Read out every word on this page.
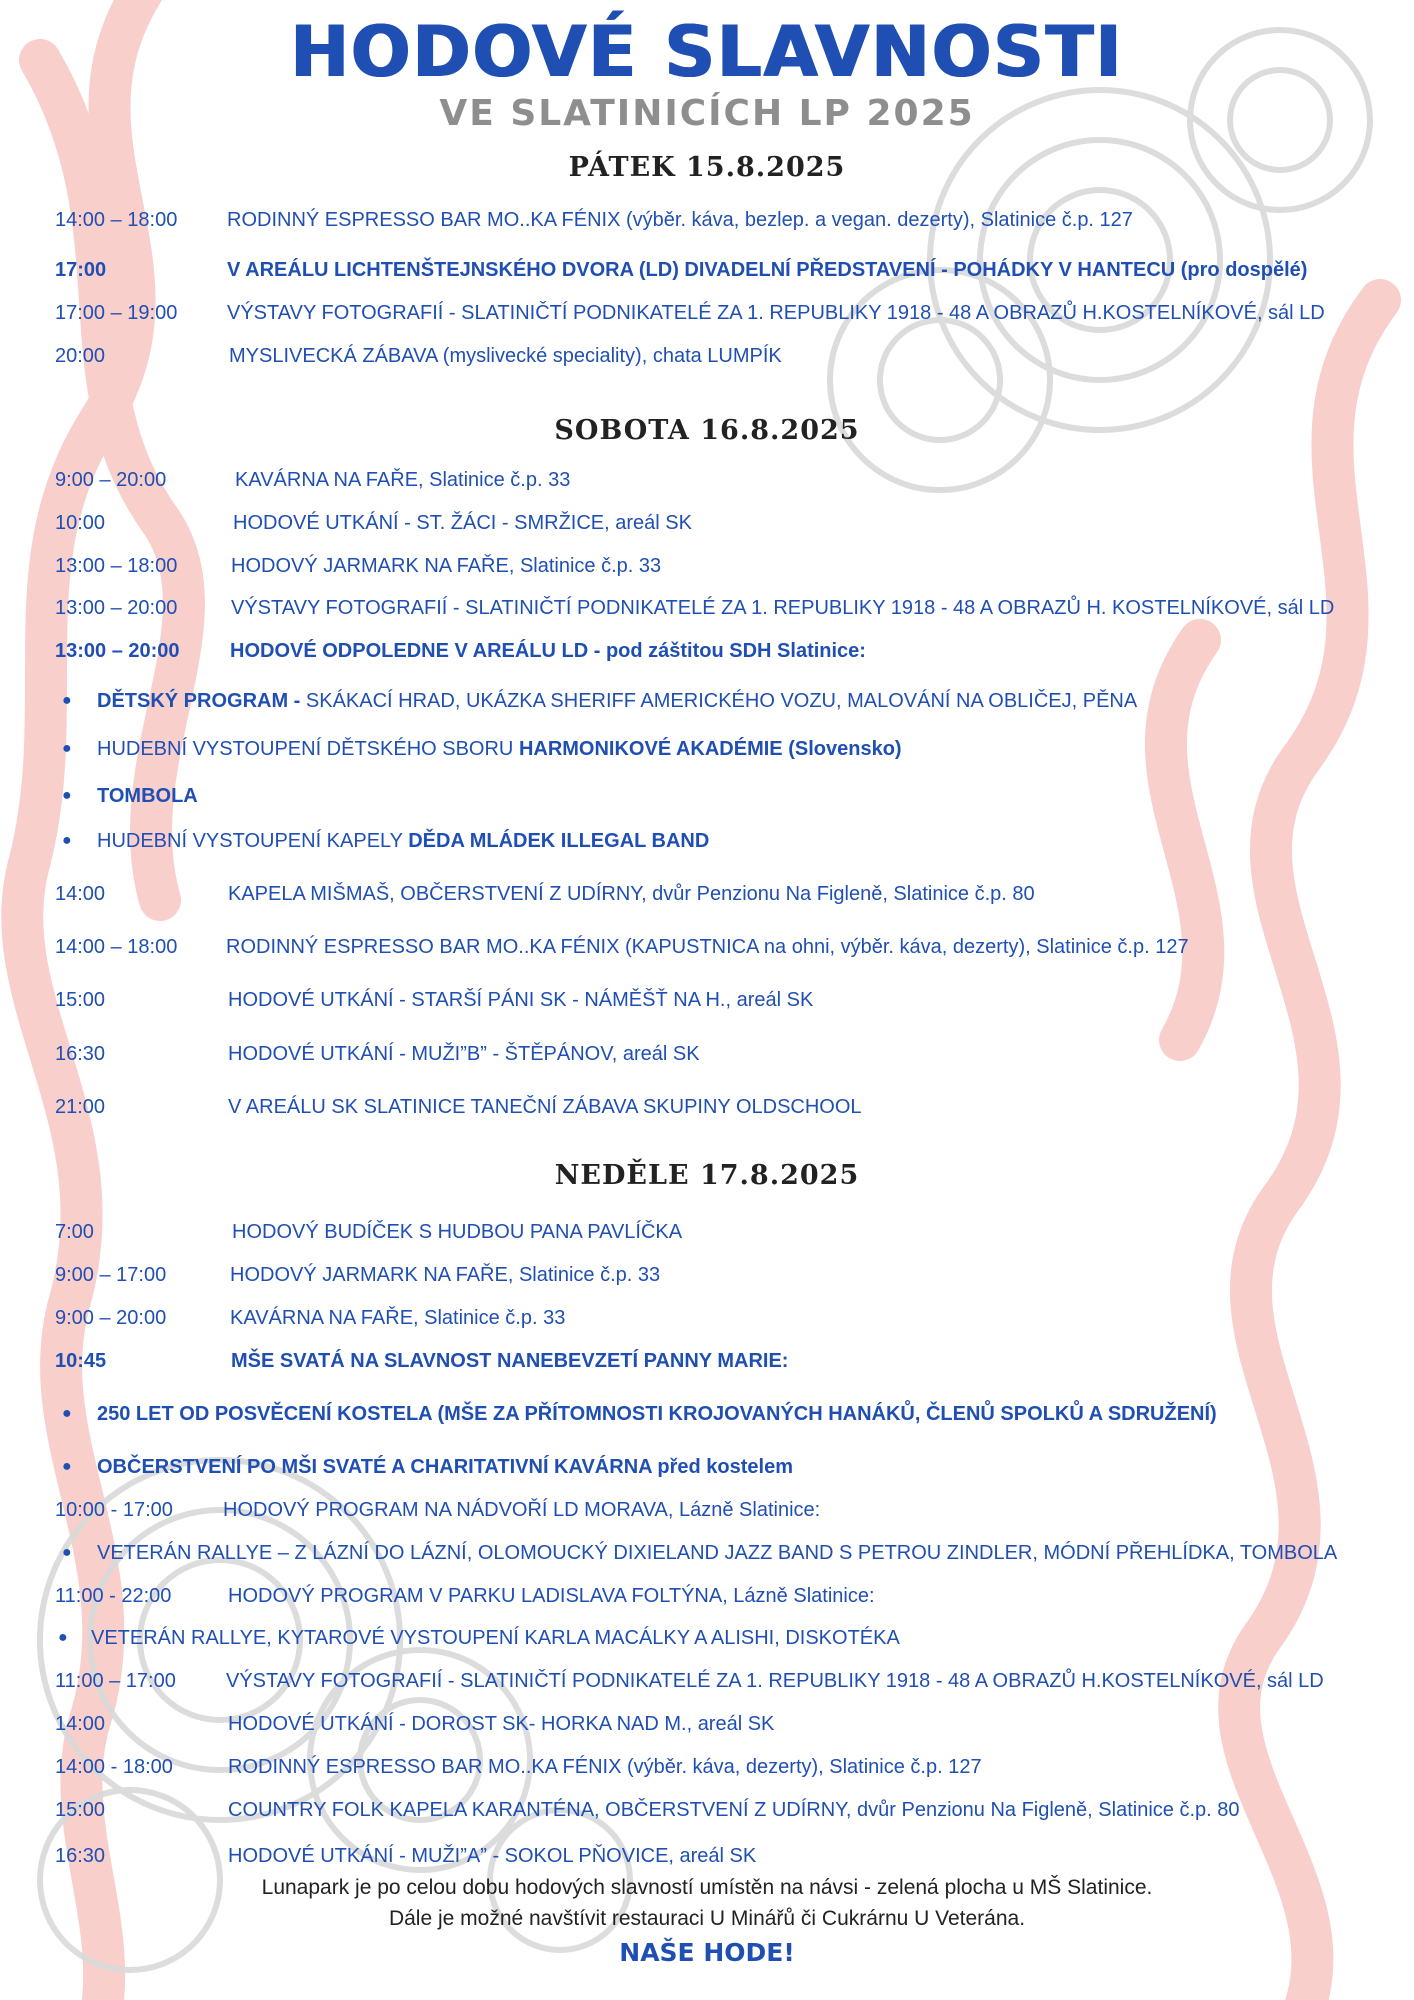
HODOVÉ SLAVNOSTI
VE SLATINICÍCH LP 2025
PÁTEK 15.8.2025
14:00 – 18:00 RODINNÝ ESPRESSO BAR MO..KA FÉNIX (výběr. káva, bezlep. a vegan. dezerty), Slatinice č.p. 127
17:00	V AREÁLU LICHTENŠTEJNSKÉHO DVORA (LD) DIVADELNÍ PŘEDSTAVENÍ - POHÁDKY V HANTECU (pro dospělé)
17:00 – 19:00 VÝSTAVY FOTOGRAFIÍ - SLATINIČTÍ PODNIKATELÉ ZA 1. REPUBLIKY 1918 - 48 A OBRAZŮ H.KOSTELNÍKOVÉ, sál LD
20:00	MYSLIVECKÁ ZÁBAVA (myslivecké speciality), chata LUMPÍK
SOBOTA 16.8.2025
9:00 – 20:00	KAVÁRNA NA FAŘE, Slatinice č.p. 33
10:00	HODOVÉ UTKÁNÍ - ST. ŽÁCI - SMRŽICE, areál SK
13:00 – 18:00	HODOVÝ JARMARK NA FAŘE, Slatinice č.p. 33
13:00 – 20:00	VÝSTAVY FOTOGRAFIÍ - SLATINIČTÍ PODNIKATELÉ ZA 1. REPUBLIKY 1918 - 48 A OBRAZŮ H. KOSTELNÍKOVÉ, sál LD
13:00 – 20:00	HODOVÉ ODPOLEDNE V AREÁLU LD - pod záštitou SDH Slatinice:
● DĚTSKÝ PROGRAM - SKÁKACÍ HRAD, UKÁZKA SHERIFF AMERICKÉHO VOZU, MALOVÁNÍ NA OBLIČEJ, PĚNA
● HUDEBNÍ VYSTOUPENÍ DĚTSKÉHO SBORU HARMONIKOVÉ AKADÉMIE (Slovensko)
● TOMBOLA
● HUDEBNÍ VYSTOUPENÍ KAPELY DĚDA MLÁDEK ILLEGAL BAND
14:00	KAPELA MIŠMAŠ, OBČERSTVENÍ Z UDÍRNY, dvůr Penzionu Na Figleně, Slatinice č.p. 80
14:00 – 18:00 RODINNÝ ESPRESSO BAR MO..KA FÉNIX (KAPUSTNICA na ohni, výběr. káva, dezerty), Slatinice č.p. 127
15:00	HODOVÉ UTKÁNÍ - STARŠÍ PÁNI SK - NÁMĚŠŤ NA H., areál SK
16:30	HODOVÉ UTKÁNÍ - MUŽI”B” - ŠTĚPÁNOV, areál SK
21:00	V AREÁLU SK SLATINICE TANEČNÍ ZÁBAVA SKUPINY OLDSCHOOL
NEDĚLE 17.8.2025
7:00	HODOVÝ BUDÍČEK S HUDBOU PANA PAVLÍČKA
9:00 – 17:00	HODOVÝ JARMARK NA FAŘE, Slatinice č.p. 33
9:00 – 20:00	KAVÁRNA NA FAŘE, Slatinice č.p. 33
10:45	MŠE SVATÁ NA SLAVNOST NANEBEVZETÍ PANNY MARIE:
● 250 LET OD POSVĚCENÍ KOSTELA (MŠE ZA PŘÍTOMNOSTI KROJOVANÝCH HANÁKŮ, ČLENŮ SPOLKŮ A SDRUŽENÍ)
● OBČERSTVENÍ PO MŠI SVATÉ A CHARITATIVNÍ KAVÁRNA před kostelem
10:00 - 17:00	HODOVÝ PROGRAM NA NÁDVOŘÍ LD MORAVA, Lázně Slatinice:
● VETERÁN RALLYE – Z LÁZNÍ DO LÁZNÍ, OLOMOUCKÝ DIXIELAND JAZZ BAND S PETROU ZINDLER, MÓDNÍ PŘEHLÍDKA, TOMBOLA
11:00 - 22:00	HODOVÝ PROGRAM V PARKU LADISLAVA FOLTÝNA, Lázně Slatinice:
● VETERÁN RALLYE, KYTAROVÉ VYSTOUPENÍ KARLA MACÁLKY A ALISHI, DISKOTÉKA
11:00 – 17:00	VÝSTAVY FOTOGRAFIÍ - SLATINIČTÍ PODNIKATELÉ ZA 1. REPUBLIKY 1918 - 48 A OBRAZŮ H.KOSTELNÍKOVÉ, sál LD
14:00	HODOVÉ UTKÁNÍ - DOROST SK- HORKA NAD M., areál SK
14:00 - 18:00	RODINNÝ ESPRESSO BAR MO..KA FÉNIX (výběr. káva, dezerty), Slatinice č.p. 127
15:00	COUNTRY FOLK KAPELA KARANTÉNA, OBČERSTVENÍ Z UDÍRNY, dvůr Penzionu Na Figleně, Slatinice č.p. 80
16:30	HODOVÉ UTKÁNÍ - MUŽI”A” - SOKOL PŇOVICE, areál SK
Lunapark je po celou dobu hodových slavností umístěn na návsi - zelená plocha u MŠ Slatinice.
Dále je možné navštívit restauraci U Minářů či Cukrárnu U Veterána.
NAŠE HODE!
